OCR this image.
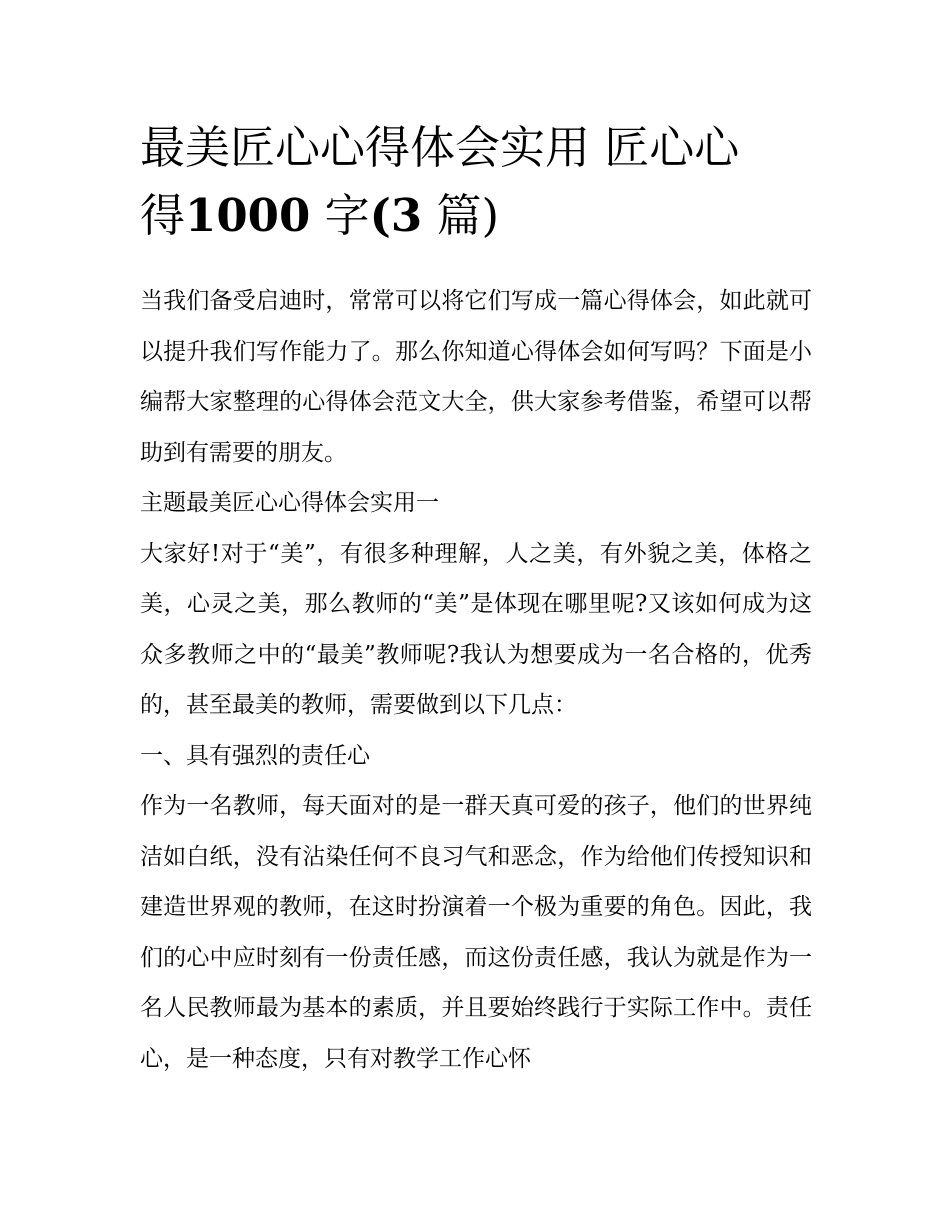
最美匠心心得体会实用 匠心心
得1000 字(3 篇)

当我们备受启迪时，常常可以将它们写成一篇心得体会，如此就可以提升我们写作能力了。那么你知道心得体会如何写吗？下面是小编帮大家整理的心得体会范文大全，供大家参考借鉴，希望可以帮助到有需要的朋友。

主题最美匠心心得体会实用一

大家好!对于“美”，有很多种理解，人之美，有外貌之美，体格之美，心灵之美，那么教师的“美”是体现在哪里呢?又该如何成为这众多教师之中的“最美”教师呢?我认为想要成为一名合格的，优秀的，甚至最美的教师，需要做到以下几点：

一、具有强烈的责任心

作为一名教师，每天面对的是一群天真可爱的孩子，他们的世界纯洁如白纸，没有沾染任何不良习气和恶念，作为给他们传授知识和建造世界观的教师，在这时扮演着一个极为重要的角色。因此，我们的心中应时刻有一份责任感，而这份责任感，我认为就是作为一名人民教师最为基本的素质，并且要始终践行于实际工作中。责任心，是一种态度，只有对教学工作心怀
